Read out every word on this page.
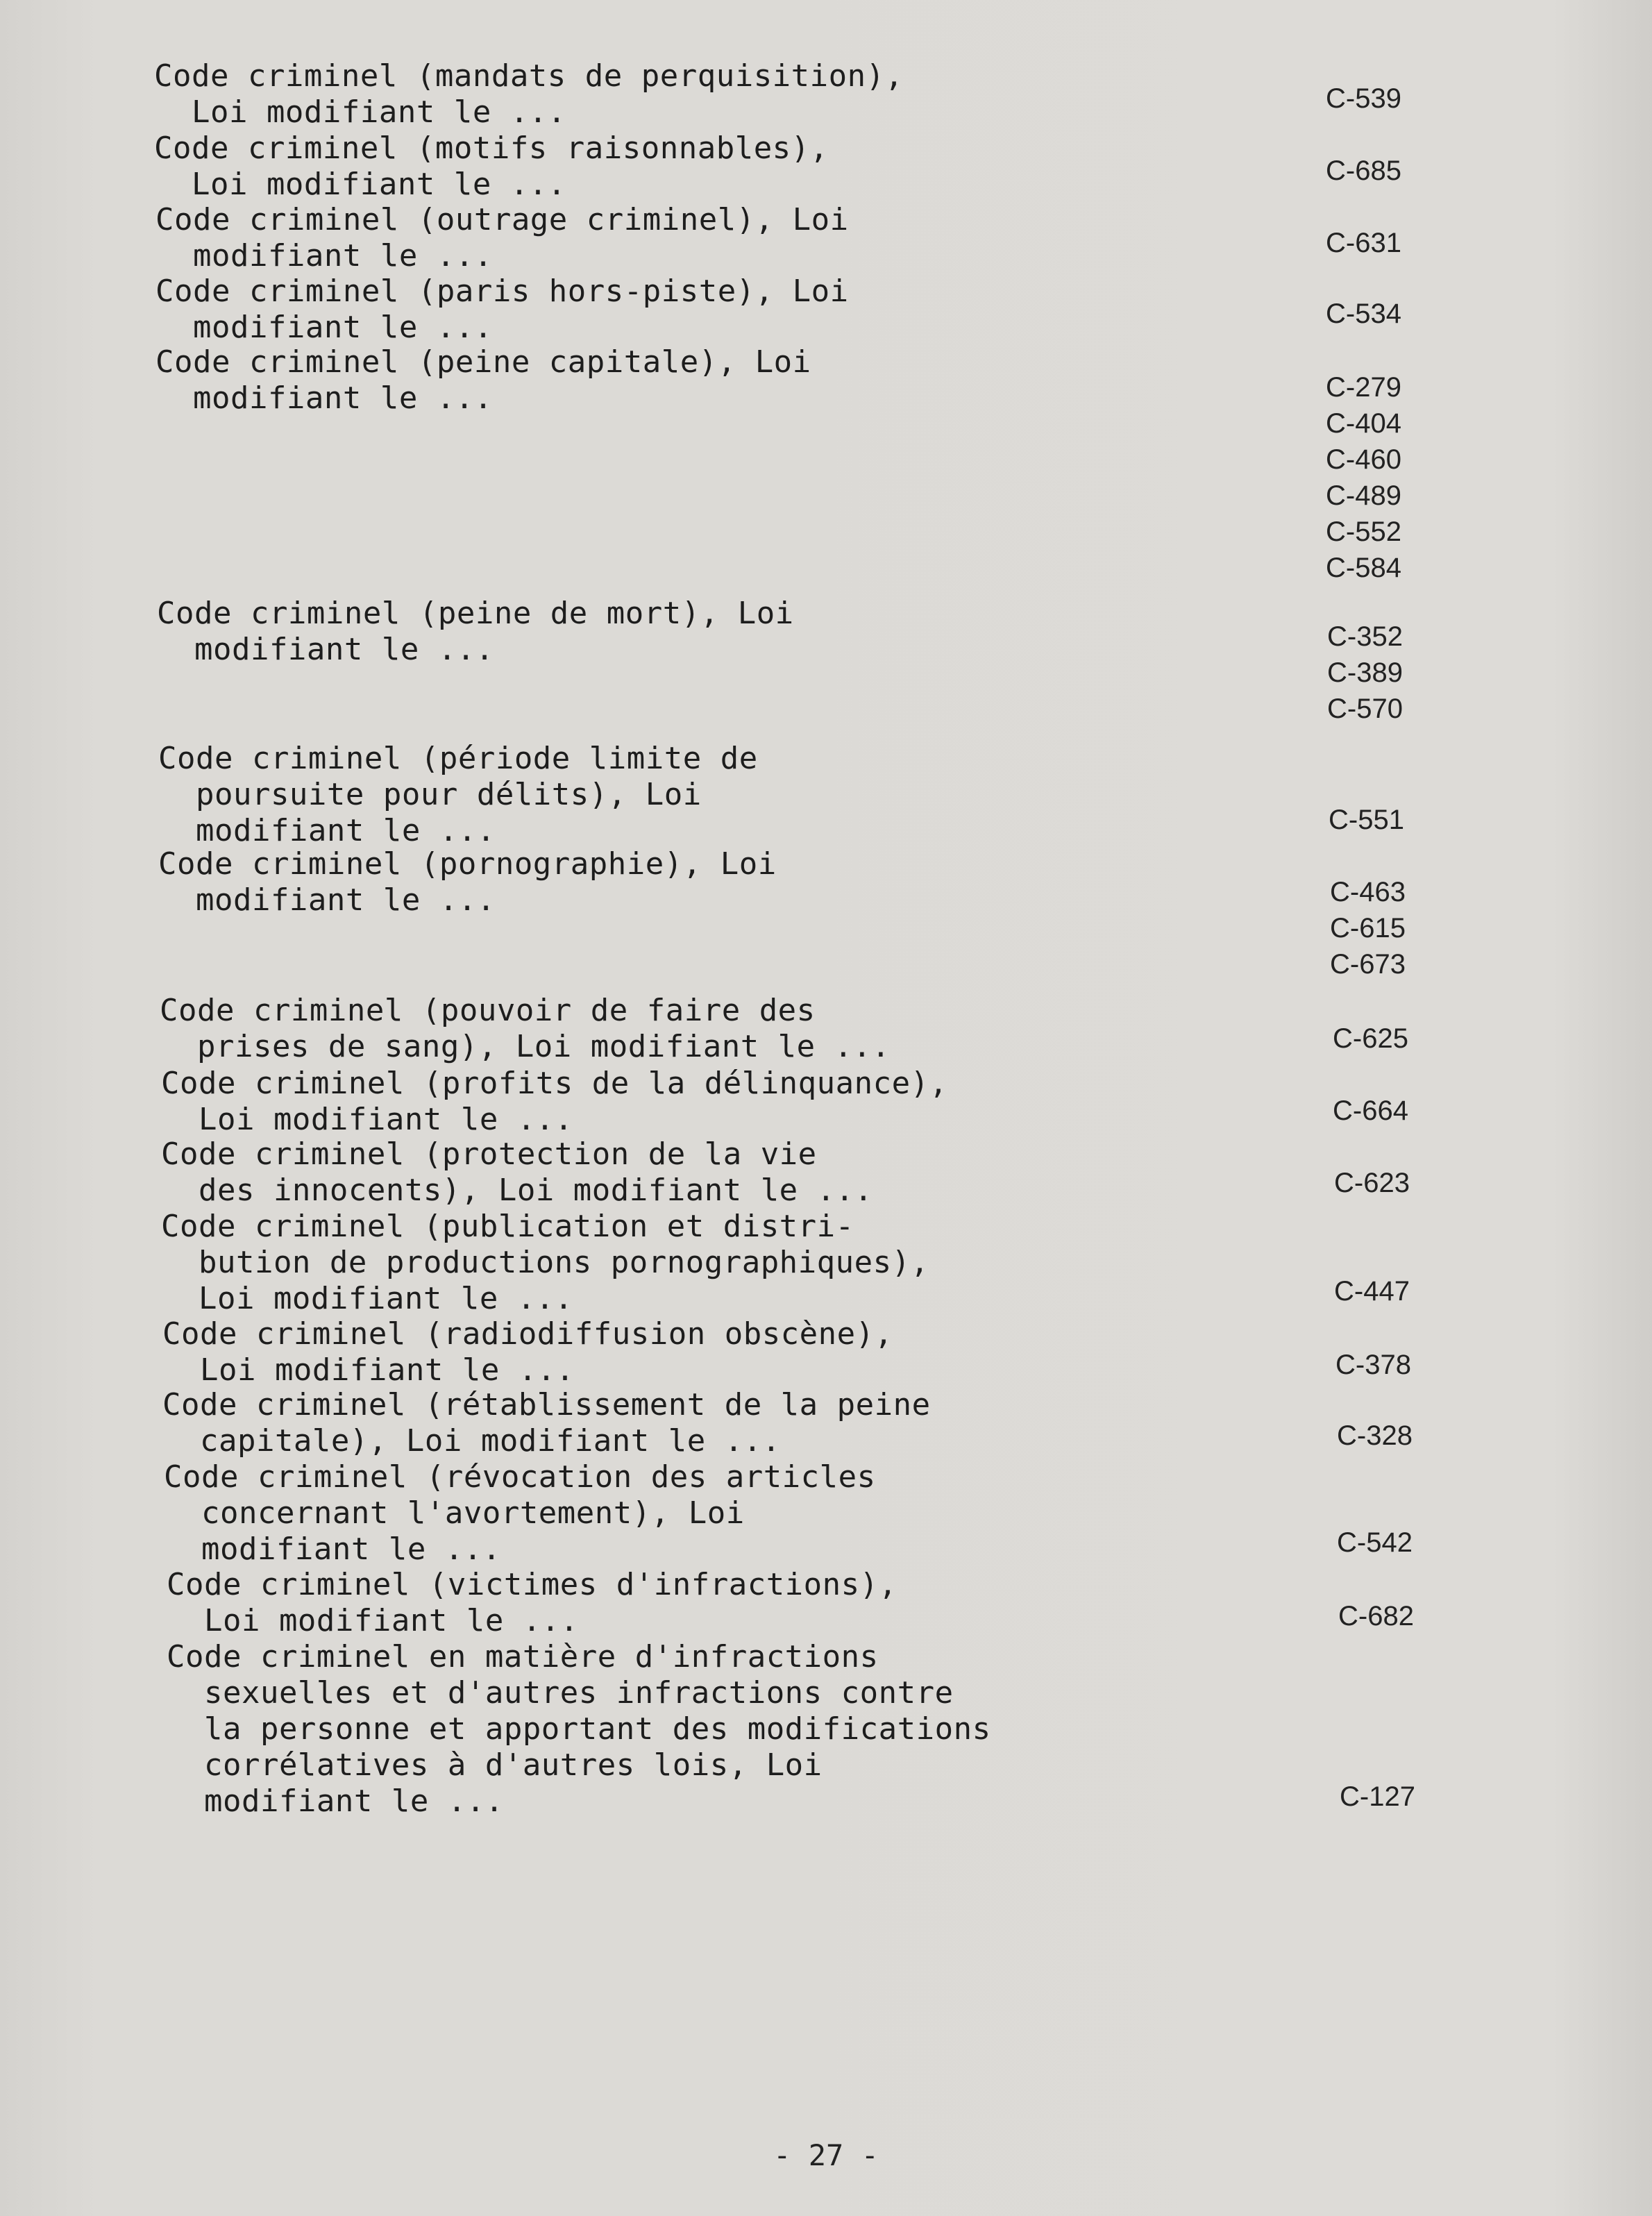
Code criminel (mandats de perquisition),
Loi modifiant le ...	C-539

Code criminel (motifs raisonnables),
Loi modifiant le ...	C-685

Code criminel (outrage criminel), Loi
modifiant le ...	C-631

Code criminel (paris hors-piste), Loi
modifiant le ...	C-534

Code criminel (peine capitale), Loi
modifiant le ...	C-279
C-404
C-460
C-489
C-552
C-584

Code criminel (peine de mort), Loi
modifiant le ...	C-352
C-389
C-570

Code criminel (période limite de
poursuite pour délits), Loi
modifiant le ...	C-551

Code criminel (pornographie), Loi
modifiant le ...	C-463
C-615
C-673

Code criminel (pouvoir de faire des
prises de sang), Loi modifiant le ...	C-625

Code criminel (profits de la délinquance),
Loi modifiant le ...	C-664

Code criminel (protection de la vie
des innocents), Loi modifiant le ...	C-623

Code criminel (publication et distri-
bution de productions pornographiques),
Loi modifiant le ...	C-447

Code criminel (radiodiffusion obscène),
Loi modifiant le ...	C-378

Code criminel (rétablissement de la peine
capitale), Loi modifiant le ...	C-328

Code criminel (révocation des articles
concernant l'avortement), Loi
modifiant le ...	C-542

Code criminel (victimes d'infractions),
Loi modifiant le ...	C-682

Code criminel en matière d'infractions
sexuelles et d'autres infractions contre
la personne et apportant des modifications
corrélatives à d'autres lois, Loi
modifiant le ...	C-127
- 27 -
